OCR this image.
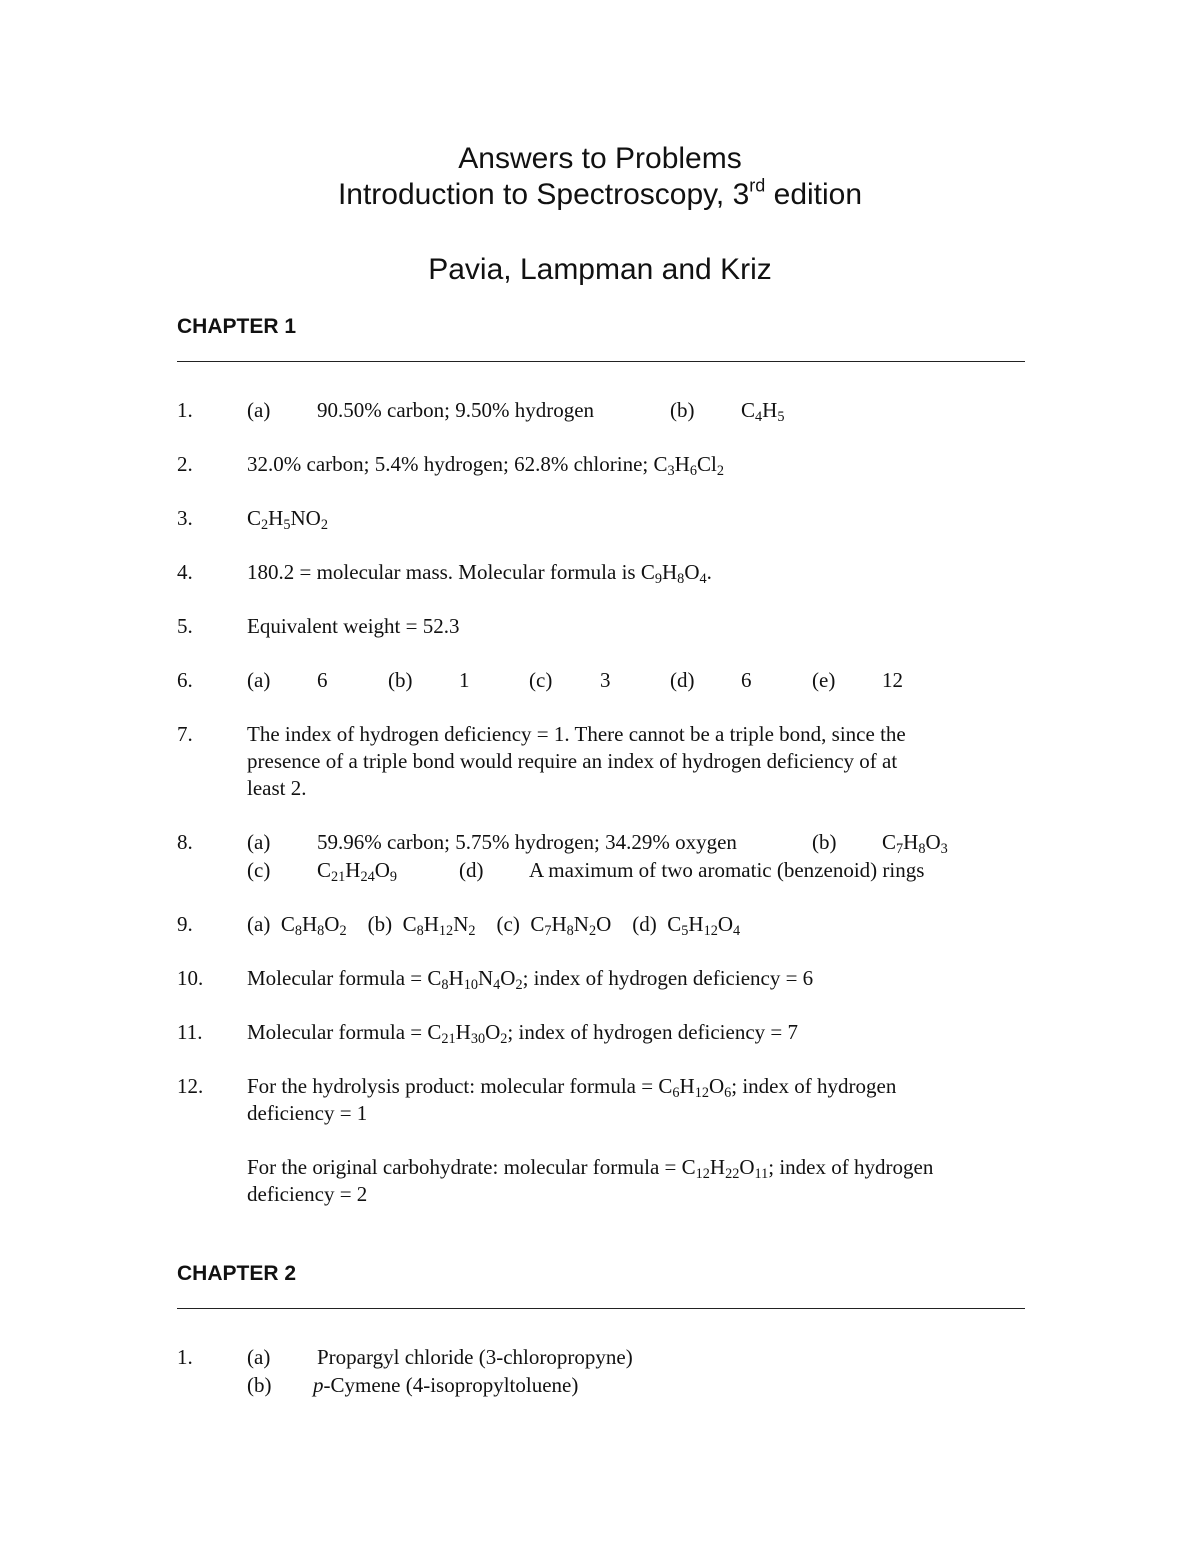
Answers to Problems
Introduction to Spectroscopy, 3rd edition
Pavia, Lampman and Kriz
CHAPTER 1
1.	(a) 90.50% carbon; 9.50% hydrogen	(b) $C_4H_5$
2.	32.0% carbon; 5.4% hydrogen; 62.8% chlorine; $C_3H_6Cl_2$
3.	$C_2H_5NO_2$
4.	180.2 = molecular mass. Molecular formula is $C_9H_8O_4$.
5.	Equivalent weight = 52.3
6.	(a) 6	(b) 1	(c) 3	(d) 6	(e) 12
7.	The index of hydrogen deficiency = 1. There cannot be a triple bond, since the
presence of a triple bond would require an index of hydrogen deficiency of at
least 2.
8.	(a) 59.96% carbon; 5.75% hydrogen; 34.29% oxygen	(b) $C_7H_8O_3$
(c) $C_{21}H_{24}O_9$	(d) A maximum of two aromatic (benzenoid) rings
9.	(a) $C_8H_8O_2$ (b) $C_8H_{12}N_2$ (c) $C_7H_8N_2O$ (d) $C_5H_{12}O_4$
10. Molecular formula = $C_8H_{10}N_4O_2$; index of hydrogen deficiency = 6
11. Molecular formula = $C_{21}H_{30}O_2$; index of hydrogen deficiency = 7
12. For the hydrolysis product: molecular formula = $C_6H_{12}O_6$; index of hydrogen
deficiency = 1
For the original carbohydrate: molecular formula = $C_{12}H_{22}O_{11}$; index of hydrogen
deficiency = 2
CHAPTER 2
1.	(a) Propargyl chloride (3-chloropropyne)
(b) p-Cymene (4-isopropyltoluene)
